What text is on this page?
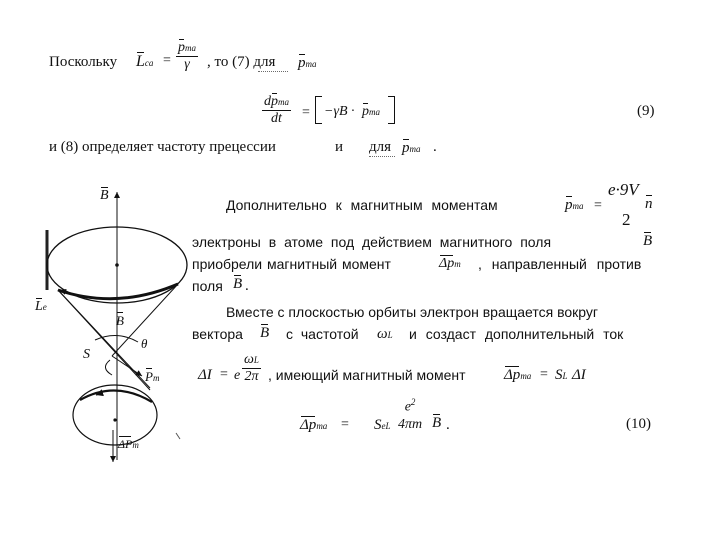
Поскольку Lсa =
pma
γ	, то (7) для pma
dpma
dt	= −γB · pma	(9)
и (8) определяет частоту прецессии	и для pma .
Дополнительно к магнитным моментам	pma =
e·9V
2
n
электроны в атоме под действием магнитного поля	B
приобрели магнитный момент	Δpm , направленный против
поля B .
Вместе с плоскостью орбиты электрон вращается вокруг
вектора B с частотой ωL и создаст дополнительный ток
ΔI = e $\frac{\omega L}{2\pi}$ , имеющий магнитный момент	Δpma = SL ΔI
Δpma = SeL
$e^2$
4πm B .	(10)
B
Le
B
S
θ
Pm
ΔPm
